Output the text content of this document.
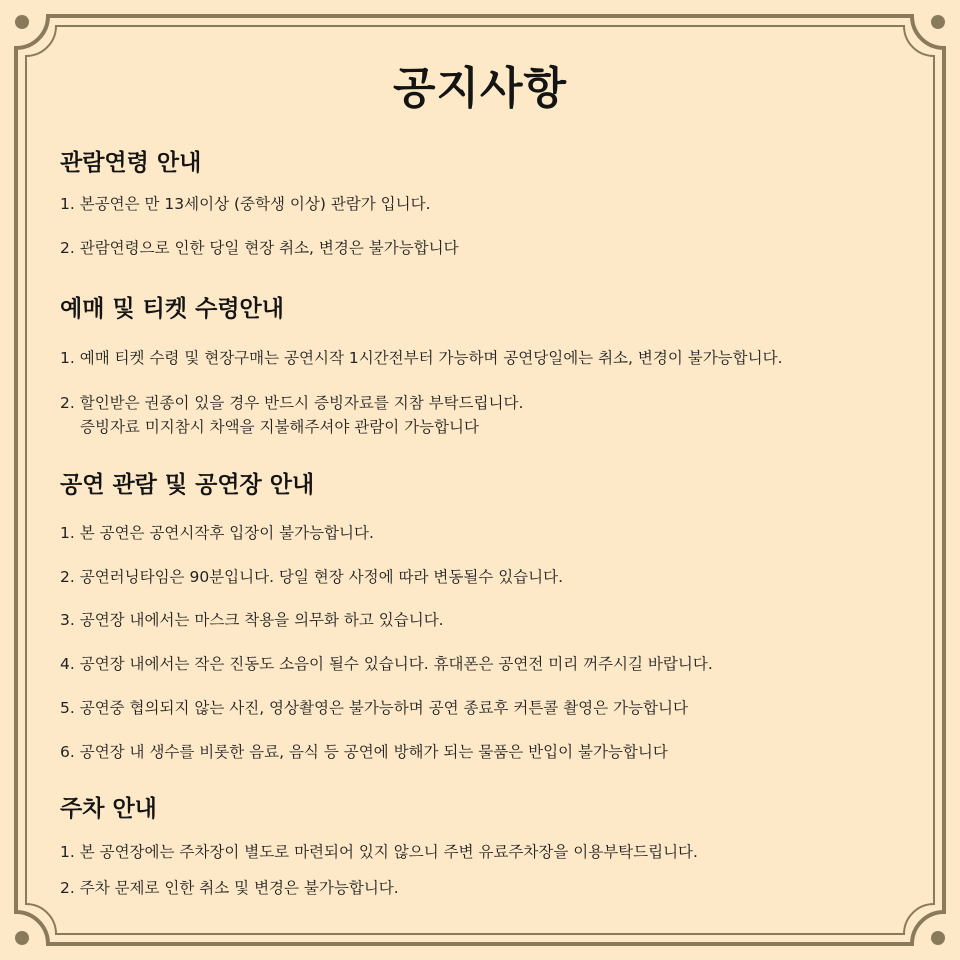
공지사항
관람연령 안내
1. 본공연은 만 13세이상 (중학생 이상) 관람가 입니다.
2. 관람연령으로 인한 당일 현장 취소, 변경은 불가능합니다
예매 및 티켓 수령안내
1. 예매 티켓 수령 및 현장구매는 공연시작 1시간전부터 가능하며 공연당일에는 취소, 변경이 불가능합니다.
2. 할인받은 권종이 있을 경우 반드시 증빙자료를 지참 부탁드립니다.
증빙자료 미지참시 차액을 지불해주셔야 관람이 가능합니다
공연 관람 및 공연장 안내
1. 본 공연은 공연시작후 입장이 불가능합니다.
2. 공연러닝타임은 90분입니다. 당일 현장 사정에 따라 변동될수 있습니다.
3. 공연장 내에서는 마스크 착용을 의무화 하고 있습니다.
4. 공연장 내에서는 작은 진동도 소음이 될수 있습니다. 휴대폰은 공연전 미리 꺼주시길 바랍니다.
5. 공연중 협의되지 않는 사진, 영상촬영은 불가능하며 공연 종료후 커튼콜 촬영은 가능합니다
6. 공연장 내 생수를 비롯한 음료, 음식 등 공연에 방해가 되는 물품은 반입이 불가능합니다
주차 안내
1. 본 공연장에는 주차장이 별도로 마련되어 있지 않으니 주변 유료주차장을 이용부탁드립니다.
2. 주차 문제로 인한 취소 및 변경은 불가능합니다.
